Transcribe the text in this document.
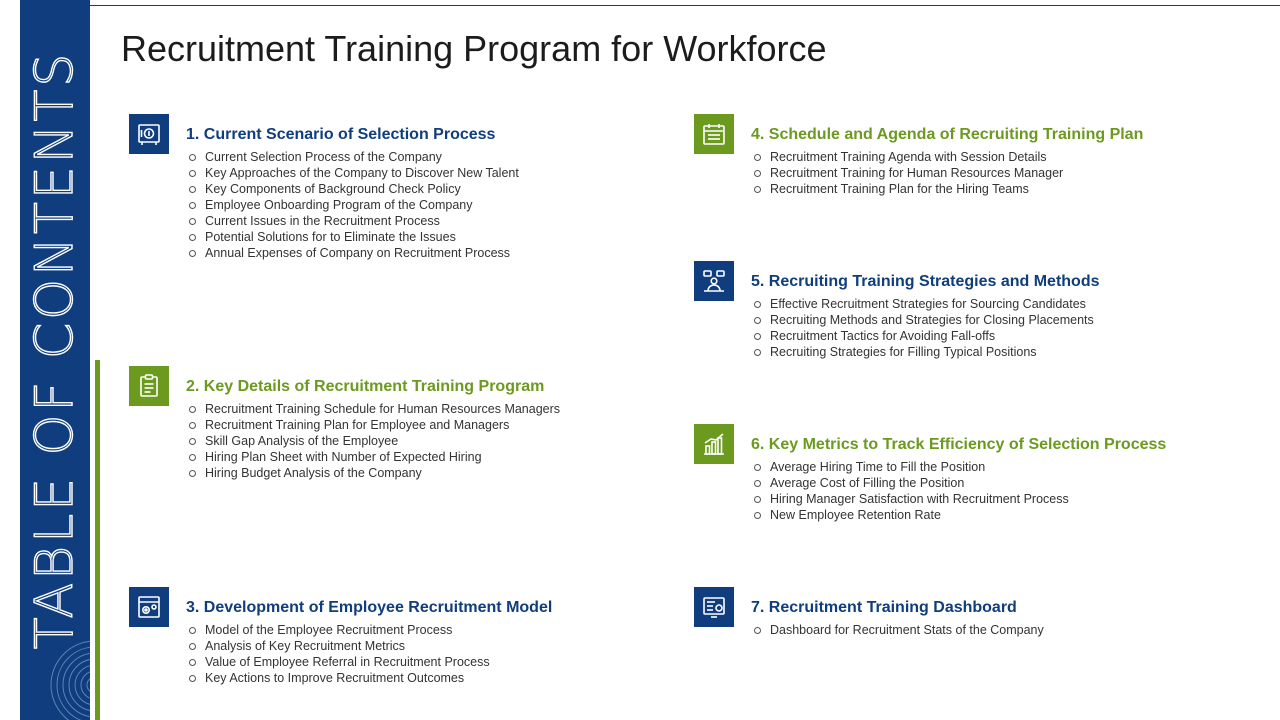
TABLE OF CONTENTS
Recruitment Training Program for Workforce
1. Current Scenario of Selection Process
Current Selection Process of the Company
Key Approaches of the Company to Discover New Talent
Key Components of Background Check Policy
Employee Onboarding Program of the Company
Current Issues in the Recruitment Process
Potential Solutions for to Eliminate the Issues
Annual Expenses of Company on Recruitment Process
2. Key Details of Recruitment Training Program
Recruitment Training Schedule for Human Resources Managers
Recruitment Training Plan for Employee and Managers
Skill Gap Analysis of the Employee
Hiring Plan Sheet with Number of Expected Hiring
Hiring Budget Analysis of the Company
3. Development of Employee Recruitment Model
Model of the Employee Recruitment Process
Analysis of Key Recruitment Metrics
Value of Employee Referral in Recruitment Process
Key Actions to Improve Recruitment Outcomes
4. Schedule and Agenda of Recruiting Training Plan
Recruitment Training Agenda with Session Details
Recruitment Training for Human Resources Manager
Recruitment Training Plan for the Hiring Teams
5. Recruiting Training Strategies and Methods
Effective Recruitment Strategies for Sourcing Candidates
Recruiting Methods and Strategies for Closing Placements
Recruitment Tactics for Avoiding Fall-offs
Recruiting Strategies for Filling Typical Positions
6. Key Metrics to Track Efficiency of Selection Process
Average Hiring Time to Fill the Position
Average Cost of Filling the Position
Hiring Manager Satisfaction with Recruitment Process
New Employee Retention Rate
7. Recruitment Training Dashboard
Dashboard for Recruitment Stats of the Company
